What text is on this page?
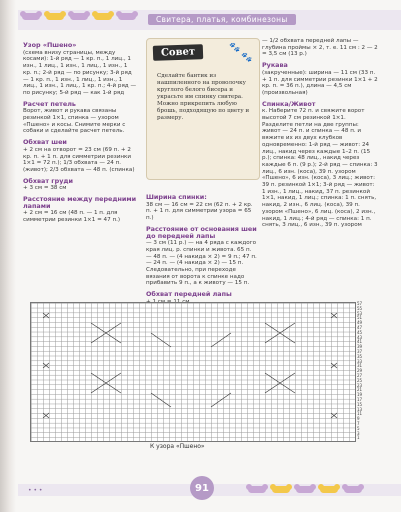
Свитера, платья, комбинезоны
Узор «Пшено»

(схема внизу страницы, между косами): 1-й ряд — 1 кр. п., 1 лиц., 1 изн., 1 лиц., 1 изн., 1 лиц., 1 изн., 1 кр. п.; 2-й ряд — по рисунку; 3-й ряд — 1 кр. п., 1 изн., 1 лиц., 1 изн., 1 лиц., 1 изн., 1 лиц., 1 кр. п.; 4-й ряд — по рисунку; 5-й ряд — как 1-й ряд

Расчет петель

Ворот, живот и рукава связаны резинкой 1×1, спинка — узором «Пшено» и косы. Снимите мерки с собаки и сделайте расчет петель.

Обхват шеи

+ 2 см на отворот = 23 см (69 п. + 2 кр. п. + 1 п. для симметрии резинки 1×1 = 72 п.); 1/3 обхвата — 24 п. (живот); 2/3 обхвата — 48 п. (спинка)

Обхват груди

+ 3 см = 38 см

Расстояние между передними лапами

+ 2 см = 16 см (48 п. — 1 п. для симметрии резинки 1×1 = 47 п.)

Совет	🐾
🐾
Сделайте бантик из нашпиленного на проволочку круглого белого бисера и украсьте им спинку свитера. Можно прикрепить любую брошь, подходящую по цвету и размеру.
Ширина спинки:

38 см — 16 см = 22 см (62 п. + 2 кр. п. + 1 п. для симметрии узора = 65 п.)

Расстояние от основания шеи до передней лапы

— 3 см (11 р.) — на 4 ряда с каждого края лиц. р. спинки и живота. 65 п. — 48 п. — (4 накида × 2) = 9 п.; 47 п. — 24 п. — (4 накида × 2) — 15 п. Следовательно, при переходе вязания от ворота к спинке надо прибавить 9 п., а к животу — 15 п.

Обхват передней лапы

— 1/2 обхвата передней лапы — глубина проймы × 2, т. е. 11 см : 2 — 2 = 3,5 см (13 р.)

Рукава

(закрученные): ширина — 11 см (33 п. + 1 п. для симметрии резинки 1×1 + 2 кр. п. = 36 п.), длина — 4,5 см (произвольная)

Спинка/Живот

к. Наберите 72 п. и свяжите ворот высотой 7 см резинкой 1×1. Разделите петли на две группы: живот — 24 п. и спинка — 48 п. и вяжите их из двух клубков одновременно: 1-й ряд — живот: 24 лиц., накид через каждые 1–2 п. (15 р.); спинка: 48 лиц., накид через каждые 6 п. (9 р.); 2-й ряд — спинка: 3 лиц., 6 изн. (коса), 39 п. узором «Пшено», 6 изн. (коса), 3 лиц.; живот: 39 п. резинкой 1×1; 3-й ряд — живот: 1 изн., 1 лиц., накид, 37 п. резинкой 1×1, накид, 1 лиц.; спинка: 1 п. снять, накид, 2 изн., 6 лиц. (коса), 39 п. узором «Пшено», 6 лиц. (коса), 2 изн., накид, 1 лиц.; 4-й ряд — спинка: 1 п. снять, 3 лиц., 6 изн., 39 п. узором

57
55
53
51
49
47
45
43
41
39
37
35
33
31
29
27
25
23
21
19
17
15
13
11
9
7
5
3
1
К узора «Пшено»
• • •	91
